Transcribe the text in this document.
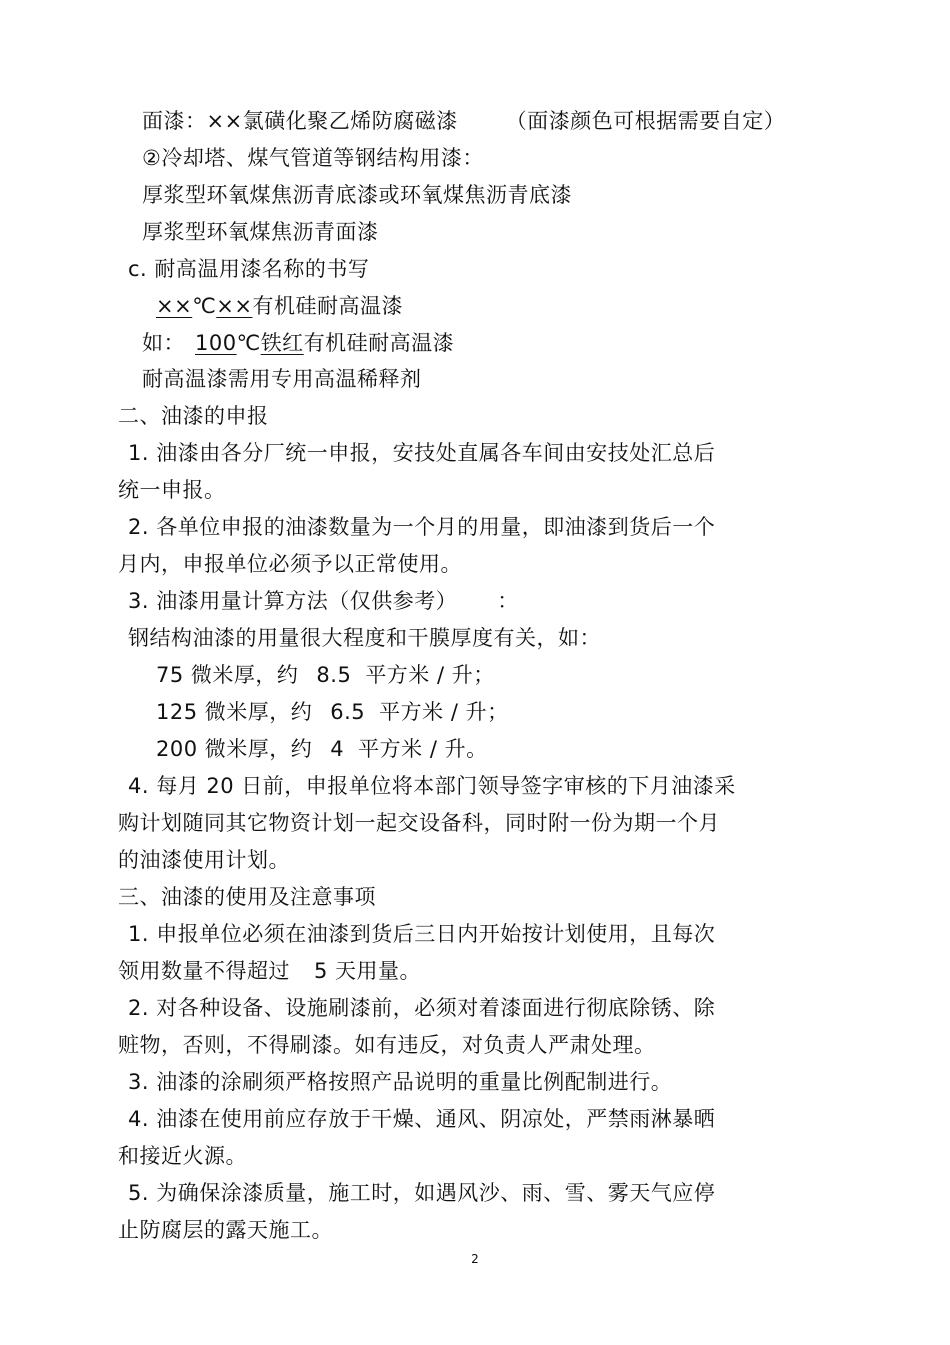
面漆：××氯磺化聚乙烯防腐磁漆 （面漆颜色可根据需要自定）
②冷却塔、煤气管道等钢结构用漆：
厚浆型环氧煤焦沥青底漆或环氧煤焦沥青底漆
厚浆型环氧煤焦沥青面漆
c. 耐高温用漆名称的书写
××℃××有机硅耐高温漆
如： 100℃铁红有机硅耐高温漆
耐高温漆需用专用高温稀释剂
二、油漆的申报
1. 油漆由各分厂统一申报，安技处直属各车间由安技处汇总后
统一申报。
2. 各单位申报的油漆数量为一个月的用量，即油漆到货后一个
月内，申报单位必须予以正常使用。
3. 油漆用量计算方法（仅供参考） ：
钢结构油漆的用量很大程度和干膜厚度有关，如：
75 微米厚，约 8.5 平方米 / 升；
125 微米厚，约 6.5 平方米 / 升；
200 微米厚，约 4 平方米 / 升。
4. 每月 20 日前，申报单位将本部门领导签字审核的下月油漆采
购计划随同其它物资计划一起交设备科，同时附一份为期一个月
的油漆使用计划。
三、油漆的使用及注意事项
1. 申报单位必须在油漆到货后三日内开始按计划使用，且每次
领用数量不得超过 5 天用量。
2. 对各种设备、设施刷漆前，必须对着漆面进行彻底除锈、除
赃物，否则，不得刷漆。如有违反，对负责人严肃处理。
3. 油漆的涂刷须严格按照产品说明的重量比例配制进行。
4. 油漆在使用前应存放于干燥、通风、阴凉处，严禁雨淋暴晒
和接近火源。
5. 为确保涂漆质量，施工时，如遇风沙、雨、雪、雾天气应停
止防腐层的露天施工。
2
